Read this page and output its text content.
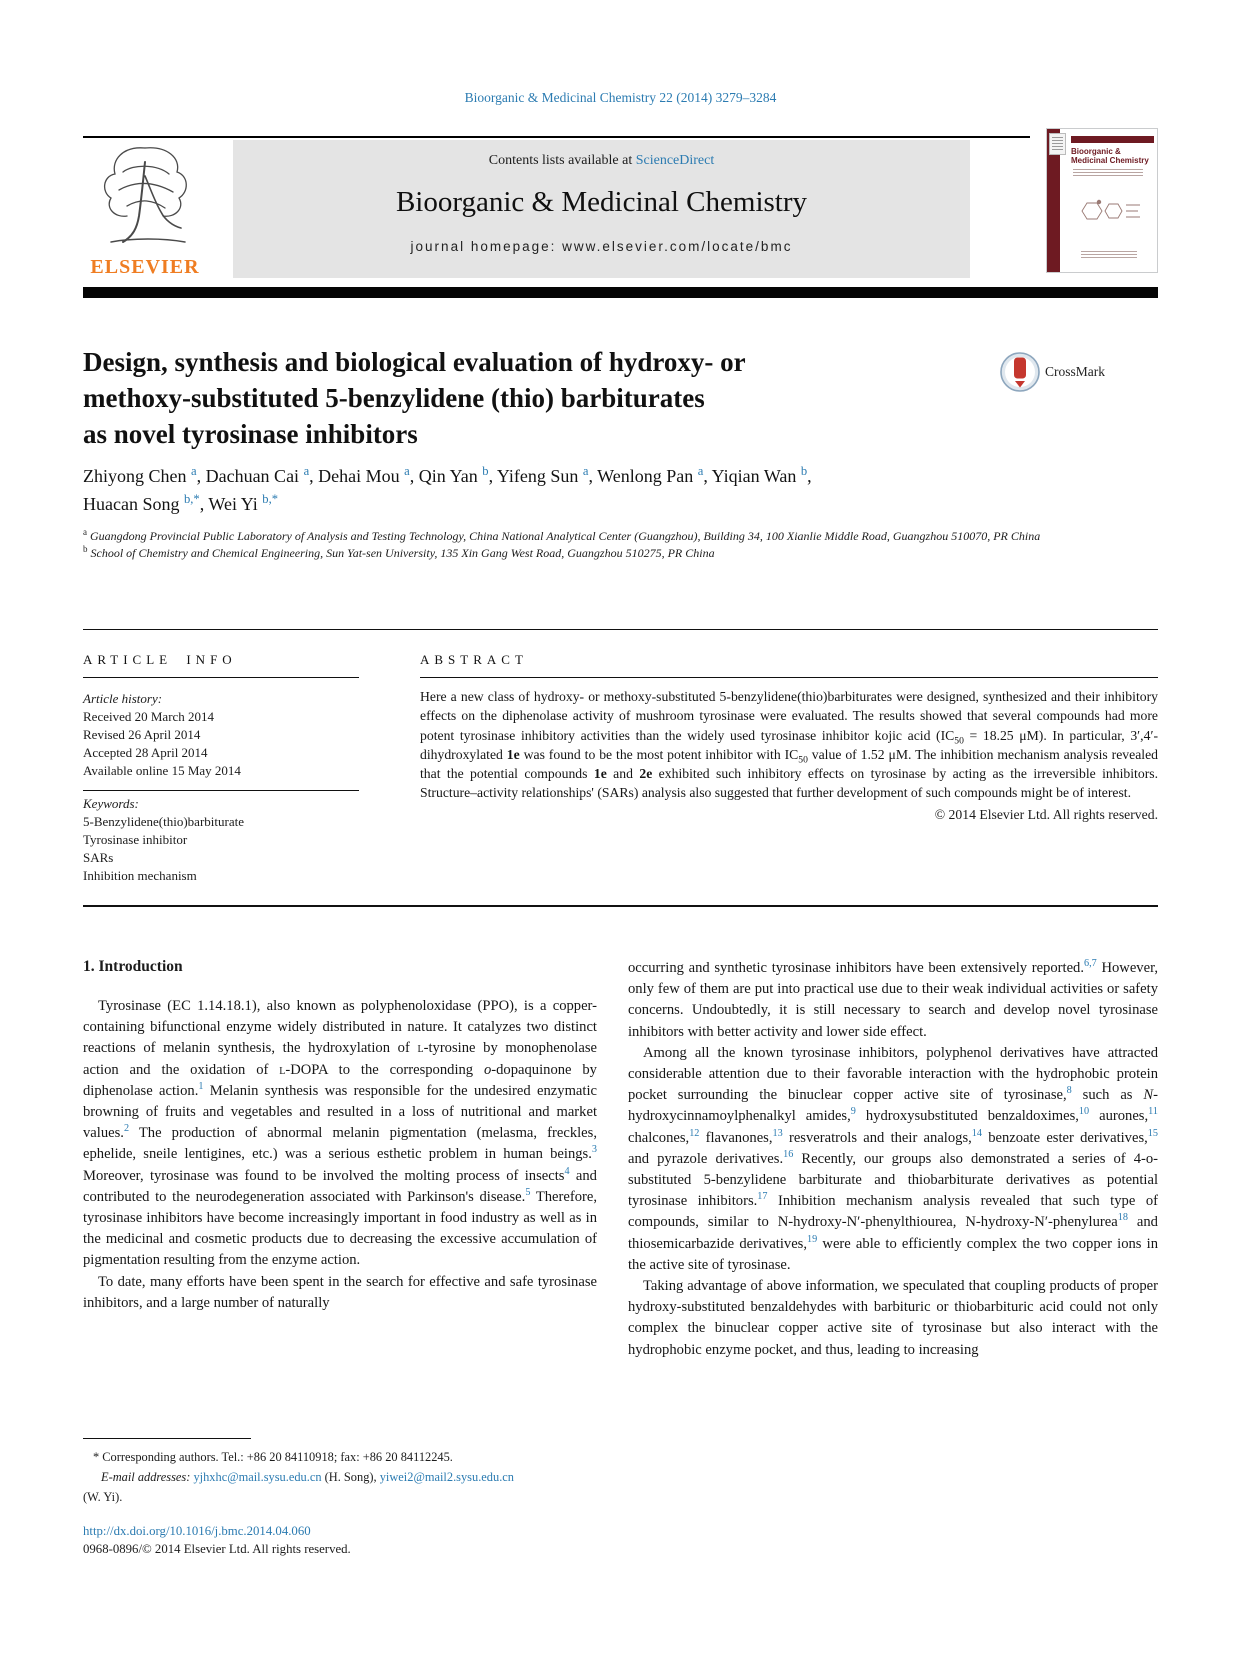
Bioorganic & Medicinal Chemistry 22 (2014) 3279–3284
ELSEVIER
Contents lists available at ScienceDirect
Bioorganic & Medicinal Chemistry
journal homepage: www.elsevier.com/locate/bmc
Bioorganic & Medicinal Chemistry
Design, synthesis and biological evaluation of hydroxy- or
methoxy-substituted 5-benzylidene (thio) barbiturates
as novel tyrosinase inhibitors
CrossMark
Zhiyong Chen $^a$, Dachuan Cai $^a$, Dehai Mou $^a$, Qin Yan $^b$, Yifeng Sun $^a$, Wenlong Pan $^a$, Yiqian Wan $^b$,
Huacan Song $^{b,*}$, Wei Yi $^{b,*}$
$^a$ Guangdong Provincial Public Laboratory of Analysis and Testing Technology, China National Analytical Center (Guangzhou), Building 34, 100 Xianlie Middle Road, Guangzhou 510070, PR China
$^b$ School of Chemistry and Chemical Engineering, Sun Yat-sen University, 135 Xin Gang West Road, Guangzhou 510275, PR China
ARTICLE INFO
Article history:
Received 20 March 2014
Revised 26 April 2014
Accepted 28 April 2014
Available online 15 May 2014
Keywords:
5-Benzylidene(thio)barbiturate
Tyrosinase inhibitor
SARs
Inhibition mechanism
ABSTRACT
Here a new class of hydroxy- or methoxy-substituted 5-benzylidene(thio)barbiturates were designed, synthesized and their inhibitory effects on the diphenolase activity of mushroom tyrosinase were evaluated. The results showed that several compounds had more potent tyrosinase inhibitory activities than the widely used tyrosinase inhibitor kojic acid ($IC_{50} = 18.25$ μM). In particular, 3′,4′-dihydroxylated 1e was found to be the most potent inhibitor with $IC_{50}$ value of 1.52 μM. The inhibition mechanism analysis revealed that the potential compounds 1e and 2e exhibited such inhibitory effects on tyrosinase by acting as the irreversible inhibitors. Structure–activity relationships' (SARs) analysis also suggested that further development of such compounds might be of interest.
© 2014 Elsevier Ltd. All rights reserved.
1. Introduction
Tyrosinase (EC 1.14.18.1), also known as polyphenoloxidase (PPO), is a copper-containing bifunctional enzyme widely distributed in nature. It catalyzes two distinct reactions of melanin synthesis, the hydroxylation of l-tyrosine by monophenolase action and the oxidation of l-DOPA to the corresponding o-dopaquinone by diphenolase action.$^1$ Melanin synthesis was responsible for the undesired enzymatic browning of fruits and vegetables and resulted in a loss of nutritional and market values.$^2$ The production of abnormal melanin pigmentation (melasma, freckles, ephelide, sneile lentigines, etc.) was a serious esthetic problem in human beings.$^3$ Moreover, tyrosinase was found to be involved the molting process of insects$^4$ and contributed to the neurodegeneration associated with Parkinson's disease.$^5$ Therefore, tyrosinase inhibitors have become increasingly important in food industry as well as in the medicinal and cosmetic products due to decreasing the excessive accumulation of pigmentation resulting from the enzyme action.
To date, many efforts have been spent in the search for effective and safe tyrosinase inhibitors, and a large number of naturally
occurring and synthetic tyrosinase inhibitors have been extensively reported.$^{6,7}$ However, only few of them are put into practical use due to their weak individual activities or safety concerns. Undoubtedly, it is still necessary to search and develop novel tyrosinase inhibitors with better activity and lower side effect.
Among all the known tyrosinase inhibitors, polyphenol derivatives have attracted considerable attention due to their favorable interaction with the hydrophobic protein pocket surrounding the binuclear copper active site of tyrosinase,$^8$ such as N-hydroxycinnamoylphenalkyl amides,$^9$ hydroxysubstituted benzaldoximes,$^{10}$ aurones,$^{11}$ chalcones,$^{12}$ flavanones,$^{13}$ resveratrols and their analogs,$^{14}$ benzoate ester derivatives,$^{15}$ and pyrazole derivatives.$^{16}$ Recently, our groups also demonstrated a series of 4-o-substituted 5-benzylidene barbiturate and thiobarbiturate derivatives as potential tyrosinase inhibitors.$^{17}$ Inhibition mechanism analysis revealed that such type of compounds, similar to N-hydroxy-N′-phenylthiourea, N-hydroxy-N′-phenylurea$^{18}$ and thiosemicarbazide derivatives,$^{19}$ were able to efficiently complex the two copper ions in the active site of tyrosinase.
Taking advantage of above information, we speculated that coupling products of proper hydroxy-substituted benzaldehydes with barbituric or thiobarbituric acid could not only complex the binuclear copper active site of tyrosinase but also interact with the hydrophobic enzyme pocket, and thus, leading to increasing
* Corresponding authors. Tel.: +86 20 84110918; fax: +86 20 84112245.
E-mail addresses: yjhxhc@mail.sysu.edu.cn (H. Song), yiwei2@mail2.sysu.edu.cn
(W. Yi).
http://dx.doi.org/10.1016/j.bmc.2014.04.060
0968-0896/© 2014 Elsevier Ltd. All rights reserved.
